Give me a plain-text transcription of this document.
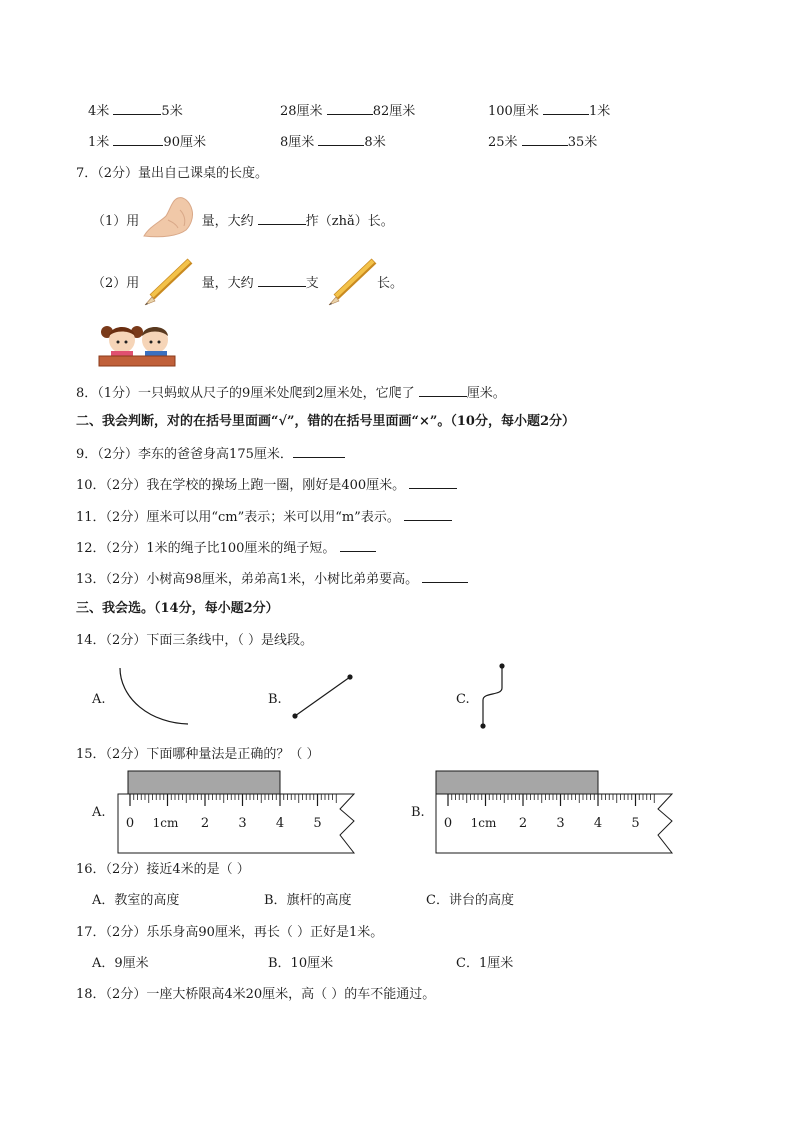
4米	5米	28厘米	82厘米	100厘米	1米
1米	90厘米	8厘米	8米	25米	35米
7．（2分）量出自己课桌的长度。
（1）用	量，大约	拃（zhǎ）长。
（2）用	量，大约	支	长。
8．（1分）一只蚂蚁从尺子的9厘米处爬到2厘米处，它爬了	厘米。
二、我会判断，对的在括号里面画“√”，错的在括号里面画“×”。（10分，每小题2分）
9．（2分）李东的爸爸身高175厘米．
10．（2分）我在学校的操场上跑一圈，刚好是400厘米。
11．（2分）厘米可以用“cm”表示；米可以用“m”表示。
12．（2分）1米的绳子比100厘米的绳子短。
13．（2分）小树高98厘米，弟弟高1米，小树比弟弟要高。
三、我会选。（14分，每小题2分）
14．（2分）下面三条线中，（ ）是线段。
A.	B.	C.
15．（2分）下面哪种量法是正确的？（ ）
A.	B.
0 1cm 2 3 4 5	0 1cm 2 3 4 5
16．（2分）接近4米的是（ ）
A．教室的高度	B．旗杆的高度	C．讲台的高度
17．（2分）乐乐身高90厘米，再长（ ）正好是1米。
A．9厘米	B．10厘米	C．1厘米
18．（2分）一座大桥限高4米20厘米，高（ ）的车不能通过。
